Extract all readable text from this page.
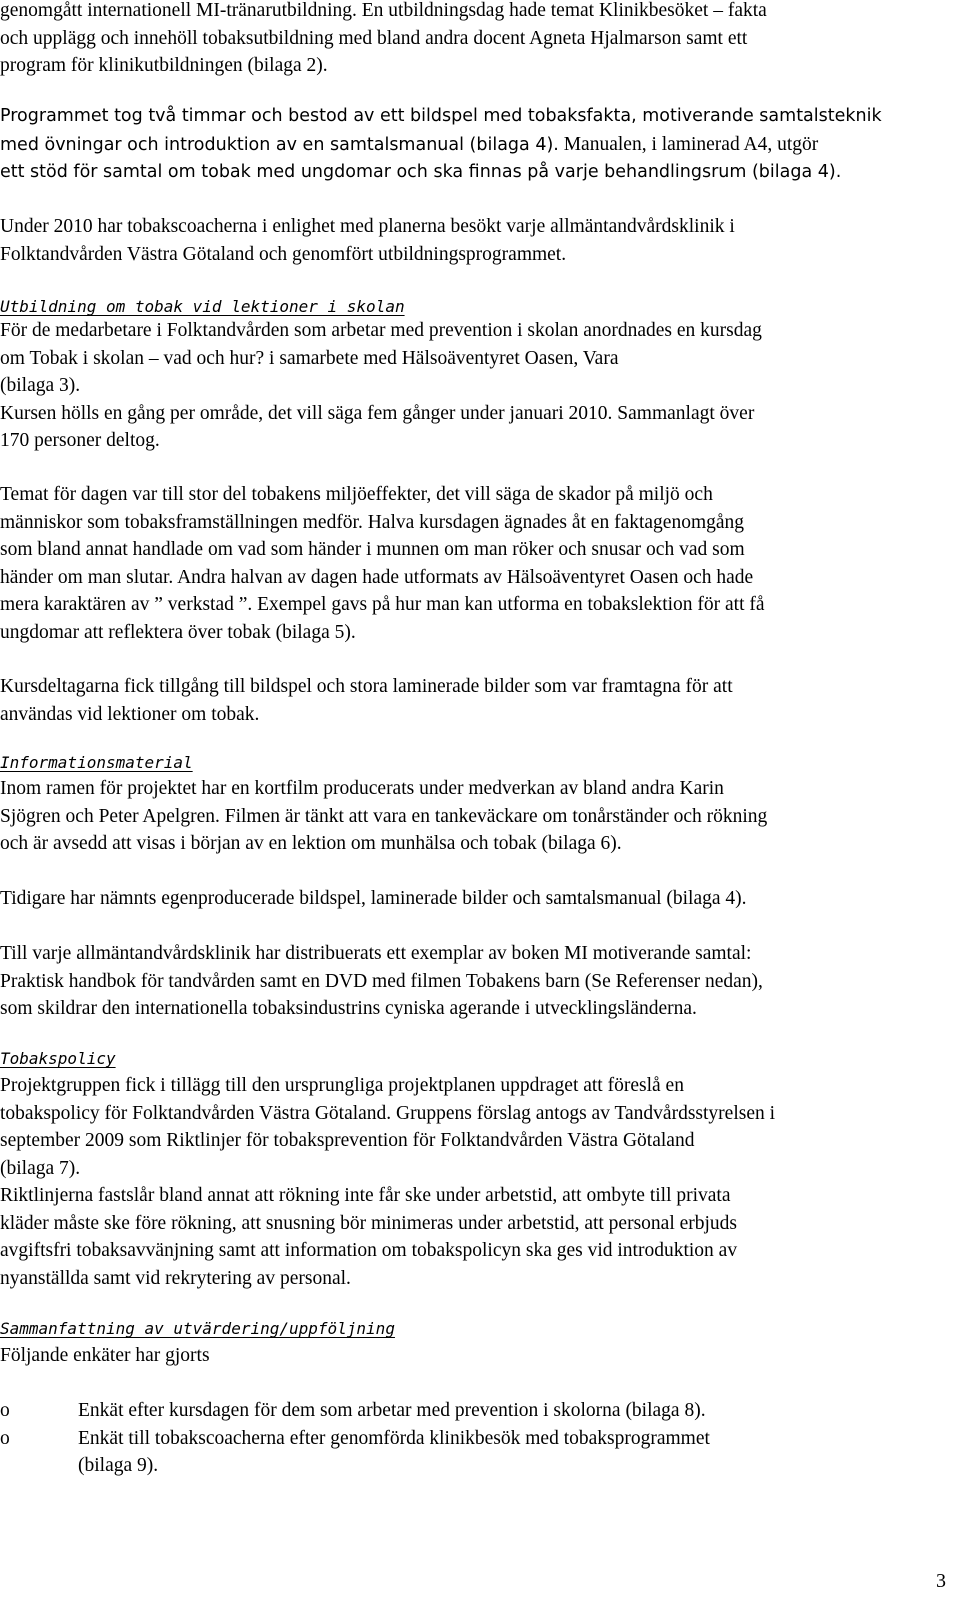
genomgått internationell MI-tränarutbildning. En utbildningsdag hade temat Klinikbesöket – fakta
och upplägg och innehöll tobaksutbildning med bland andra docent Agneta Hjalmarson samt ett
program för klinikutbildningen (bilaga 2).

Programmet tog två timmar och bestod av ett bildspel med tobaksfakta, motiverande samtalsteknik
med övningar och introduktion av en samtalsmanual (bilaga 4). Manualen, i laminerad A4, utgör
ett stöd för samtal om tobak med ungdomar och ska finnas på varje behandlingsrum (bilaga 4).

Under 2010 har tobakscoacherna i enlighet med planerna besökt varje allmäntandvårdsklinik i
Folktandvården Västra Götaland och genomfört utbildningsprogrammet.

Utbildning om tobak vid lektioner i skolan

För de medarbetare i Folktandvården som arbetar med prevention i skolan anordnades en kursdag
om Tobak i skolan – vad och hur? i samarbete med Hälsoäventyret Oasen, Vara
(bilaga 3).
Kursen hölls en gång per område, det vill säga fem gånger under januari 2010. Sammanlagt över
170 personer deltog.

Temat för dagen var till stor del tobakens miljöeffekter, det vill säga de skador på miljö och
människor som tobaksframställningen medför. Halva kursdagen ägnades åt en faktagenomgång
som bland annat handlade om vad som händer i munnen om man röker och snusar och vad som
händer om man slutar. Andra halvan av dagen hade utformats av Hälsoäventyret Oasen och hade
mera karaktären av ” verkstad ”. Exempel gavs på hur man kan utforma en tobakslektion för att få
ungdomar att reflektera över tobak (bilaga 5).

Kursdeltagarna fick tillgång till bildspel och stora laminerade bilder som var framtagna för att
användas vid lektioner om tobak.

Informationsmaterial

Inom ramen för projektet har en kortfilm producerats under medverkan av bland andra Karin
Sjögren och Peter Apelgren. Filmen är tänkt att vara en tankeväckare om tonårständer och rökning
och är avsedd att visas i början av en lektion om munhälsa och tobak (bilaga 6).

Tidigare har nämnts egenproducerade bildspel, laminerade bilder och samtalsmanual (bilaga 4).

Till varje allmäntandvårdsklinik har distribuerats ett exemplar av boken MI motiverande samtal:
Praktisk handbok för tandvården samt en DVD med filmen Tobakens barn (Se Referenser nedan),
som skildrar den internationella tobaksindustrins cyniska agerande i utvecklingsländerna.

Tobakspolicy

Projektgruppen fick i tillägg till den ursprungliga projektplanen uppdraget att föreslå en
tobakspolicy för Folktandvården Västra Götaland. Gruppens förslag antogs av Tandvårdsstyrelsen i
september 2009 som Riktlinjer för tobaksprevention för Folktandvården Västra Götaland
(bilaga 7).

Riktlinjerna fastslår bland annat att rökning inte får ske under arbetstid, att ombyte till privata
kläder måste ske före rökning, att snusning bör minimeras under arbetstid, att personal erbjuds
avgiftsfri tobaksavvänjning samt att information om tobakspolicyn ska ges vid introduktion av
nyanställda samt vid rekrytering av personal.

Sammanfattning av utvärdering/uppföljning

Följande enkäter har gjorts

o	Enkät efter kursdagen för dem som arbetar med prevention i skolorna (bilaga 8).
o	Enkät till tobakscoacherna efter genomförda klinikbesök med tobaksprogrammet
(bilaga 9).
3
